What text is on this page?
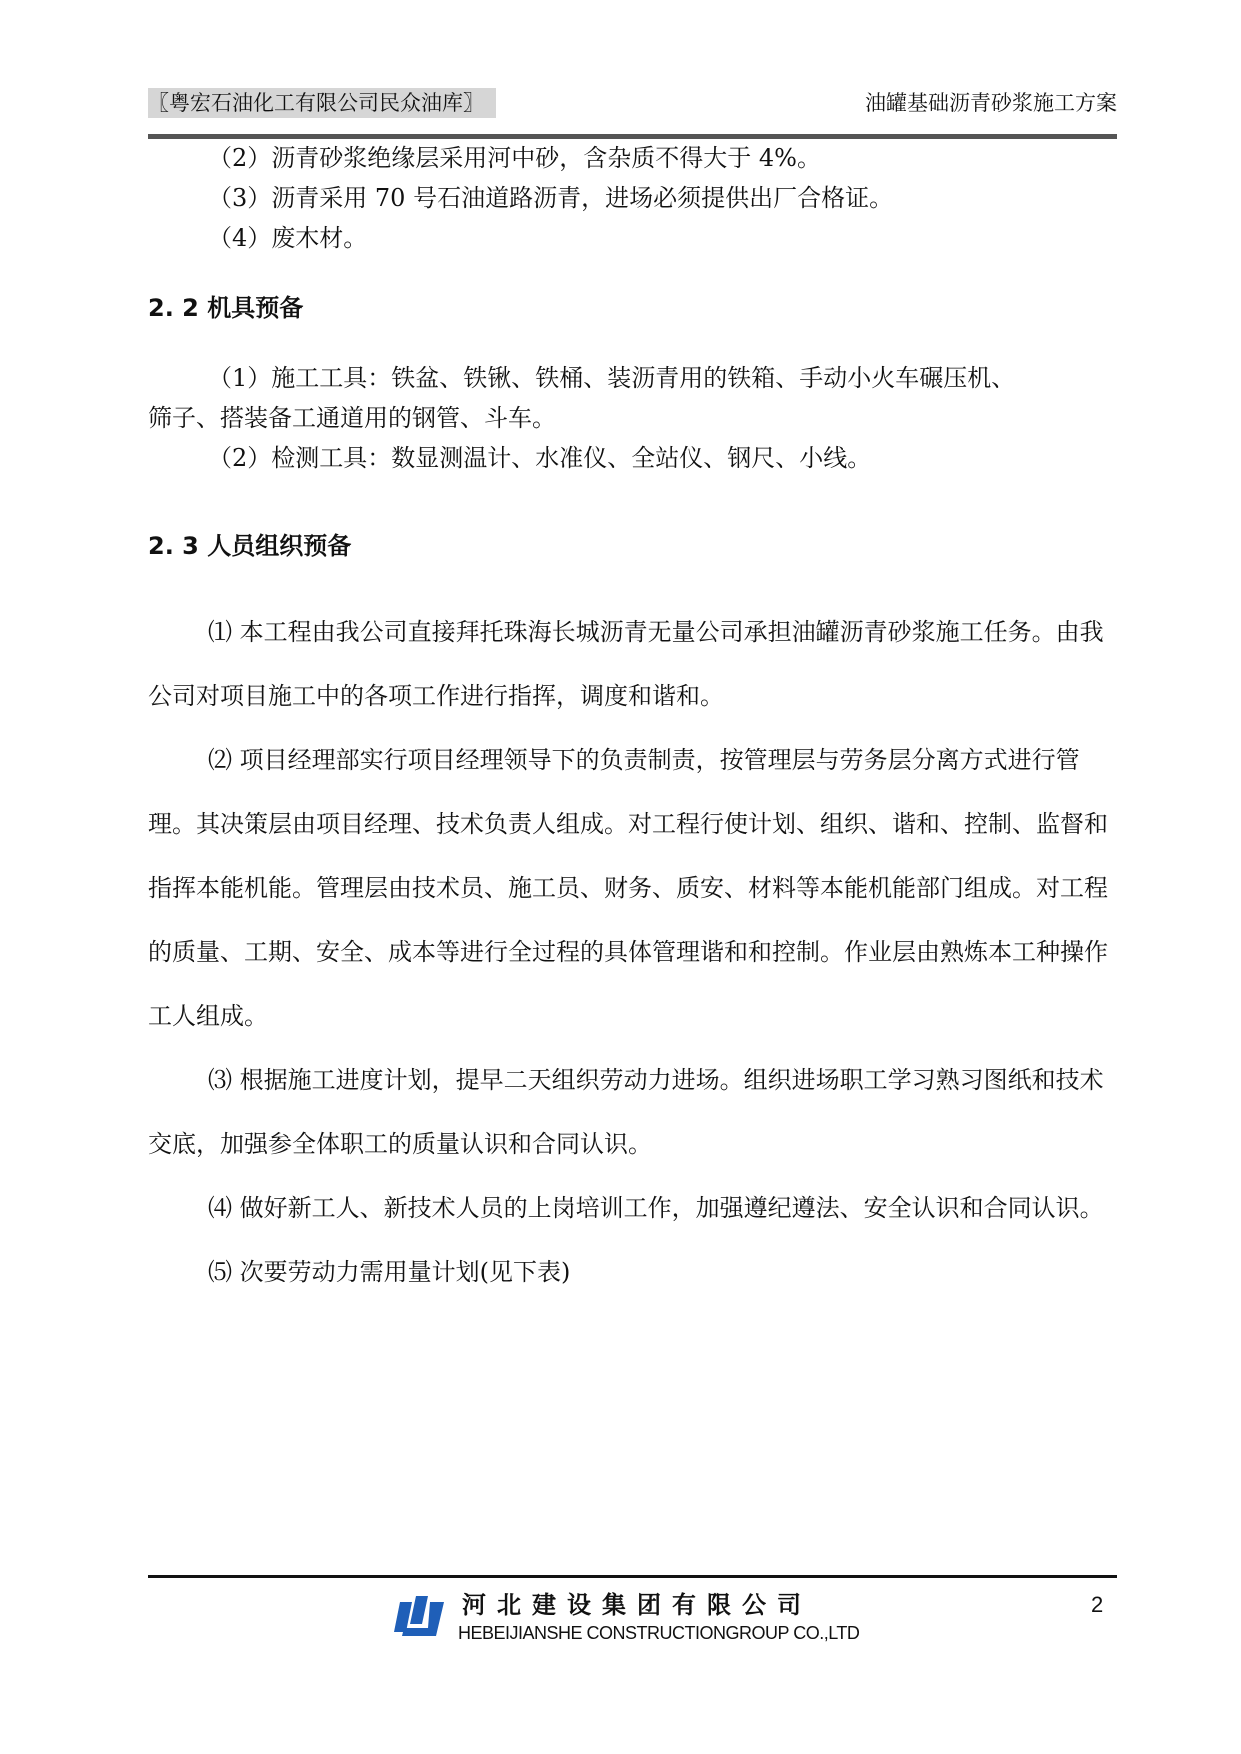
〖粤宏石油化工有限公司民众油库〗	油罐基础沥青砂浆施工方案

（2）沥青砂浆绝缘层采用河中砂，含杂质不得大于 4%。

（3）沥青采用 70 号石油道路沥青，进场必须提供出厂合格证。

（4）废木材。

2. 2 机具预备

（1）施工工具：铁盆、铁锹、铁桶、装沥青用的铁箱、手动小火车碾压机、

筛子、搭装备工通道用的钢管、斗车。

（2）检测工具：数显测温计、水准仪、全站仪、钢尺、小线。

2. 3 人员组织预备

⑴ 本工程由我公司直接拜托珠海长城沥青无量公司承担油罐沥青砂浆施工任务。由我公司对项目施工中的各项工作进行指挥，调度和谐和。

⑵ 项目经理部实行项目经理领导下的负责制责，按管理层与劳务层分离方式进行管理。其决策层由项目经理、技术负责人组成。对工程行使计划、组织、谐和、控制、监督和指挥本能机能。管理层由技术员、施工员、财务、质安、材料等本能机能部门组成。对工程的质量、工期、安全、成本等进行全过程的具体管理谐和和控制。作业层由熟炼本工种操作工人组成。

⑶ 根据施工进度计划，提早二天组织劳动力进场。组织进场职工学习熟习图纸和技术交底，加强参全体职工的质量认识和合同认识。

⑷ 做好新工人、新技术人员的上岗培训工作，加强遵纪遵法、安全认识和合同认识。

⑸ 次要劳动力需用量计划(见下表)

河北建设集团有限公司
HEBEIJIANSHE CONSTRUCTIONGROUP CO.,LTD
2
